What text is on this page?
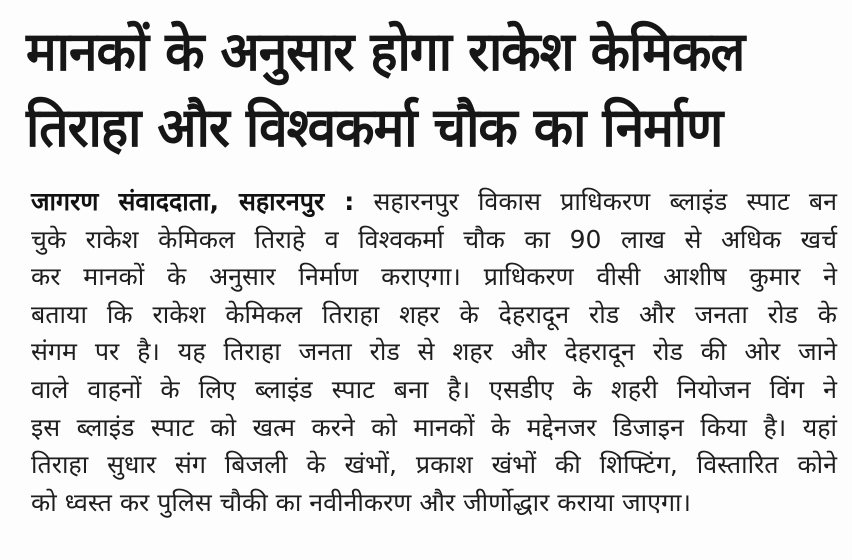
मानकों के अनुसार होगा राकेश केमिकल
तिराहा और विश्वकर्मा चौक का निर्माण
जागरण संवाददाता, सहारनपुर : सहारनपुर विकास प्राधिकरण ब्लाइंड स्पाट बन
चुके राकेश केमिकल तिराहे व विश्वकर्मा चौक का 90 लाख से अधिक खर्च
कर मानकों के अनुसार निर्माण कराएगा। प्राधिकरण वीसी आशीष कुमार ने
बताया कि राकेश केमिकल तिराहा शहर के देहरादून रोड और जनता रोड के
संगम पर है। यह तिराहा जनता रोड से शहर और देहरादून रोड की ओर जाने
वाले वाहनों के लिए ब्लाइंड स्पाट बना है। एसडीए के शहरी नियोजन विंग ने
इस ब्लाइंड स्पाट को खत्म करने को मानकों के मद्देनजर डिजाइन किया है। यहां
तिराहा सुधार संग बिजली के खंभों, प्रकाश खंभों की शिफ्टिंग, विस्तारित कोने
को ध्वस्त कर पुलिस चौकी का नवीनीकरण और जीर्णोद्धार कराया जाएगा।
